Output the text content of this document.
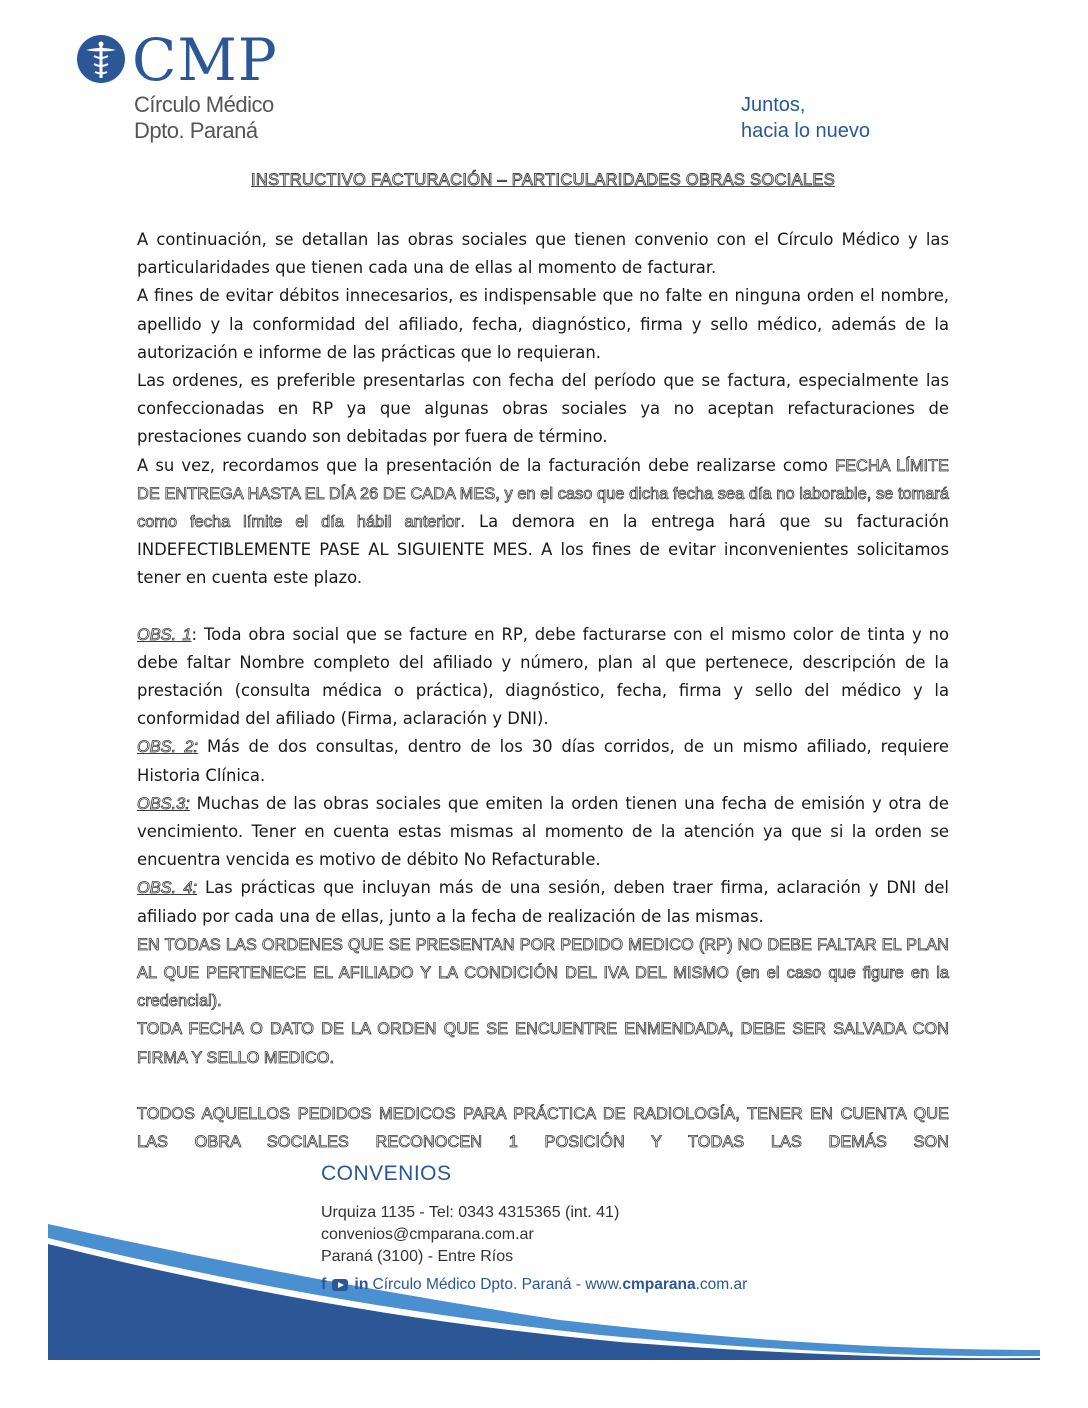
CMP
Círculo Médico
Dpto. Paraná
Juntos,
hacia lo nuevo
INSTRUCTIVO FACTURACIÓN – PARTICULARIDADES OBRAS SOCIALES

A continuación, se detallan las obras sociales que tienen convenio con el Círculo Médico y las particularidades que tienen cada una de ellas al momento de facturar.

A fines de evitar débitos innecesarios, es indispensable que no falte en ninguna orden el nombre, apellido y la conformidad del afiliado, fecha, diagnóstico, firma y sello médico, además de la autorización e informe de las prácticas que lo requieran.

Las ordenes, es preferible presentarlas con fecha del período que se factura, especialmente las confeccionadas en RP ya que algunas obras sociales ya no aceptan refacturaciones de prestaciones cuando son debitadas por fuera de término.

A su vez, recordamos que la presentación de la facturación debe realizarse como FECHA LÍMITE DE ENTREGA HASTA EL DÍA 26 DE CADA MES, y en el caso que dicha fecha sea día no laborable, se tomará como fecha límite el día hábil anterior. La demora en la entrega hará que su facturación INDEFECTIBLEMENTE PASE AL SIGUIENTE MES. A los fines de evitar inconvenientes solicitamos tener en cuenta este plazo.

OBS. 1: Toda obra social que se facture en RP, debe facturarse con el mismo color de tinta y no debe faltar Nombre completo del afiliado y número, plan al que pertenece, descripción de la prestación (consulta médica o práctica), diagnóstico, fecha, firma y sello del médico y la conformidad del afiliado (Firma, aclaración y DNI).

OBS. 2: Más de dos consultas, dentro de los 30 días corridos, de un mismo afiliado, requiere Historia Clínica.

OBS.3: Muchas de las obras sociales que emiten la orden tienen una fecha de emisión y otra de vencimiento. Tener en cuenta estas mismas al momento de la atención ya que si la orden se encuentra vencida es motivo de débito No Refacturable.

OBS. 4: Las prácticas que incluyan más de una sesión, deben traer firma, aclaración y DNI del afiliado por cada una de ellas, junto a la fecha de realización de las mismas.

EN TODAS LAS ORDENES QUE SE PRESENTAN POR PEDIDO MEDICO (RP) NO DEBE FALTAR EL PLAN AL QUE PERTENECE EL AFILIADO Y LA CONDICIÓN DEL IVA DEL MISMO (en el caso que figure en la credencial).

TODA FECHA O DATO DE LA ORDEN QUE SE ENCUENTRE ENMENDADA, DEBE SER SALVADA CON FIRMA Y SELLO MEDICO.

TODOS AQUELLOS PEDIDOS MEDICOS PARA PRÁCTICA DE RADIOLOGÍA, TENER EN CUENTA QUE LAS OBRA SOCIALES RECONOCEN 1 POSICIÓN Y TODAS LAS DEMÁS SON

CONVENIOS
Urquiza 1135 - Tel: 0343 4315365 (int. 41)
convenios@cmparana.com.ar
Paraná (3100) - Entre Ríos
f in Círculo Médico Dpto. Paraná - www.cmparana.com.ar
